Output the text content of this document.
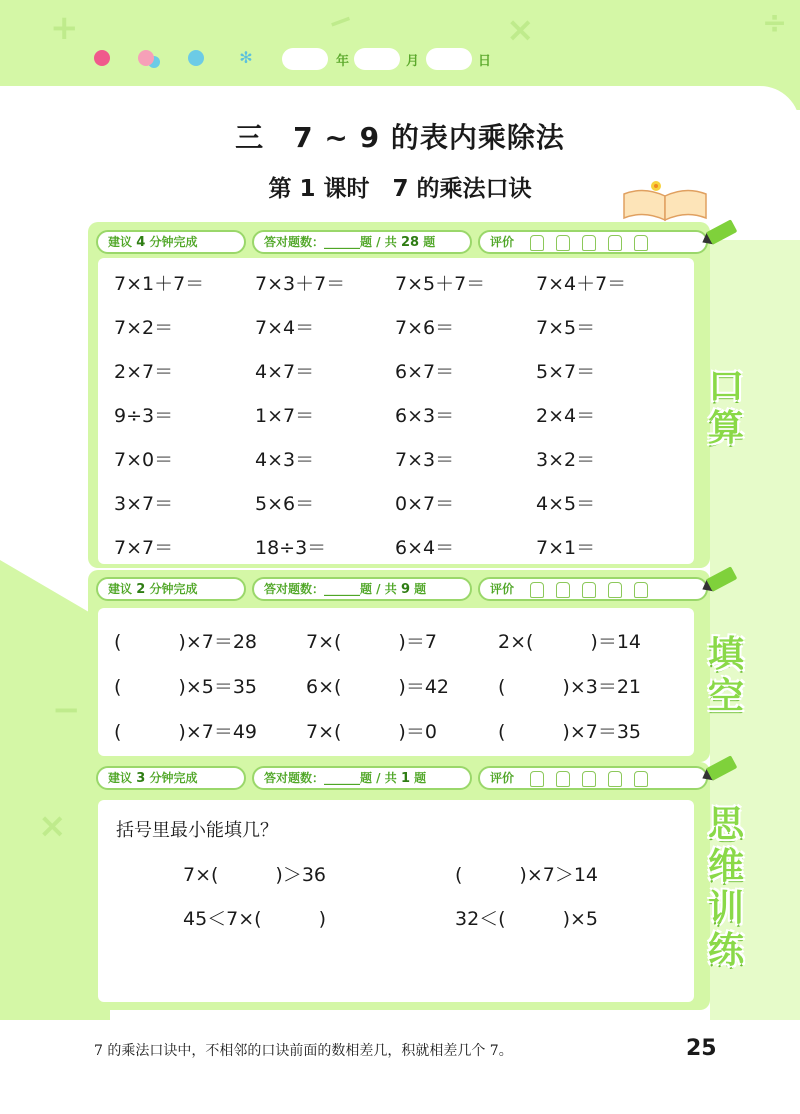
+	−	×	÷
−
×
✻	年	月	日
三　7 ~ 9 的表内乘除法
第 1 课时　7 的乘法口诀
建议 4 分钟完成	答对题数：______题 / 共 28 题	评价
7×1＋7＝	7×3＋7＝	7×5＋7＝	7×4＋7＝
7×2＝	7×4＝	7×6＝	7×5＝
2×7＝	4×7＝	6×7＝	5×7＝
9÷3＝	1×7＝	6×3＝	2×4＝
7×0＝	4×3＝	7×3＝	3×2＝
3×7＝	5×6＝	0×7＝	4×5＝
7×7＝	18÷3＝	6×4＝	7×1＝
口
算
建议 2 分钟完成	答对题数：______题 / 共 9 题	评价
(　　　)×7＝28	7×(　　　)＝7	2×(　　　)＝14
(　　　)×5＝35	6×(　　　)＝42	(　　　)×3＝21
(　　　)×7＝49	7×(　　　)＝0	(　　　)×7＝35
填
空
建议 3 分钟完成	答对题数：______题 / 共 1 题	评价
括号里最小能填几？
7×(　　　)＞36	(　　　)×7＞14
45＜7×(　　　)	32＜(　　　)×5
思
维
训
练
7 的乘法口诀中，不相邻的口诀前面的数相差几，积就相差几个 7。	25
